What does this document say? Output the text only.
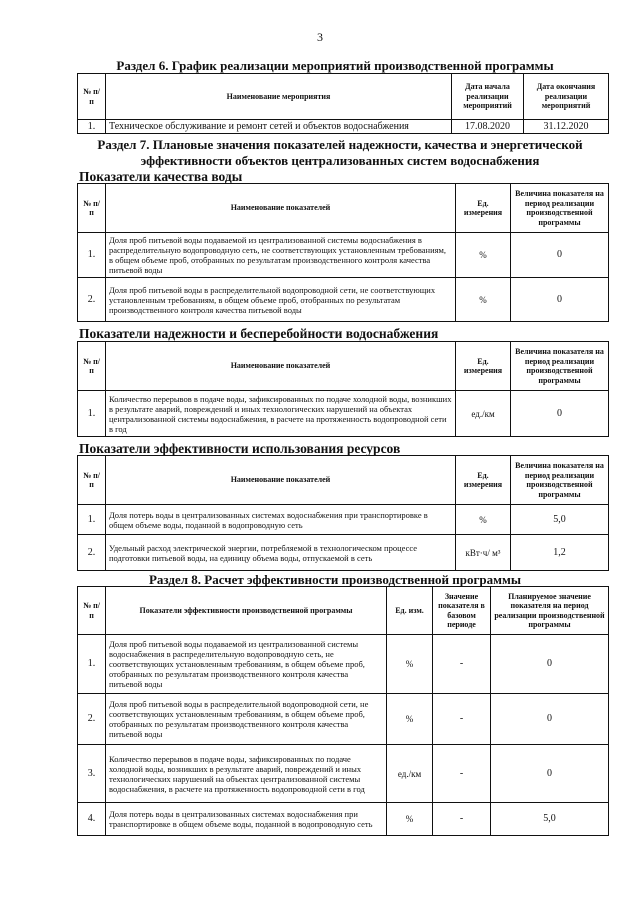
3
Раздел 6. График реализации мероприятий производственной программы
№ п/п	Наименование мероприятия	Дата начала реализации мероприятий	Дата окончания реализации мероприятий
1.	Техническое обслуживание и ремонт сетей и объектов водоснабжения	17.08.2020	31.12.2020
Раздел 7. Плановые значения показателей надежности, качества и энергетической эффективности объектов централизованных систем водоснабжения
Показатели качества воды
№ п/п	Наименование показателей	Ед. измерения	Величина показателя на период реализации производственной программы
1.	Доля проб питьевой воды подаваемой из централизованной системы водоснабжения в распределительную водопроводную сеть, не соответствующих установленным требованиям, в общем объеме проб, отобранных по результатам производственного контроля качества питьевой воды	%	0
2.	Доля проб питьевой воды в распределительной водопроводной сети, не соответствующих установленным требованиям, в общем объеме проб, отобранных по результатам производственного контроля качества питьевой воды	%	0
Показатели надежности и бесперебойности водоснабжения
№ п/п	Наименование показателей	Ед. измерения	Величина показателя на период реализации производственной программы
1.	Количество перерывов в подаче воды, зафиксированных по подаче холодной воды, возникших в результате аварий, повреждений и иных технологических нарушений на объектах централизованной системы водоснабжения, в расчете на протяженность водопроводной сети в год	ед./км	0
Показатели эффективности использования ресурсов
№ п/п	Наименование показателей	Ед. измерения	Величина показателя на период реализации производственной программы
1.	Доля потерь воды в централизованных системах водоснабжения при транспортировке в общем объеме воды, поданной в водопроводную сеть	%	5,0
2.	Удельный расход электрической энергии, потребляемой в технологическом процессе подготовки питьевой воды, на единицу объема воды, отпускаемой в сеть	кВт·ч/ м³	1,2
Раздел 8. Расчет эффективности производственной программы
№ п/п	Показатели эффективности производственной программы	Ед. изм.	Значение показателя в базовом периоде	Планируемое значение показателя на период реализации производственной программы
1.	Доля проб питьевой воды подаваемой из централизованной системы водоснабжения в распределительную водопроводную сеть, не соответствующих установленным требованиям, в общем объеме проб, отобранных по результатам производственного контроля качества питьевой воды	%	-	0
2.	Доля проб питьевой воды в распределительной водопроводной сети, не соответствующих установленным требованиям, в общем объеме проб, отобранных по результатам производственного контроля качества питьевой воды	%	-	0
3.	Количество перерывов в подаче воды, зафиксированных по подаче холодной воды, возникших в результате аварий, повреждений и иных технологических нарушений на объектах централизованной системы водоснабжения, в расчете на протяженность водопроводной сети в год	ед./км	-	0
4.	Доля потерь воды в централизованных системах водоснабжения при транспортировке в общем объеме воды, поданной в водопроводную сеть	%	-	5,0
